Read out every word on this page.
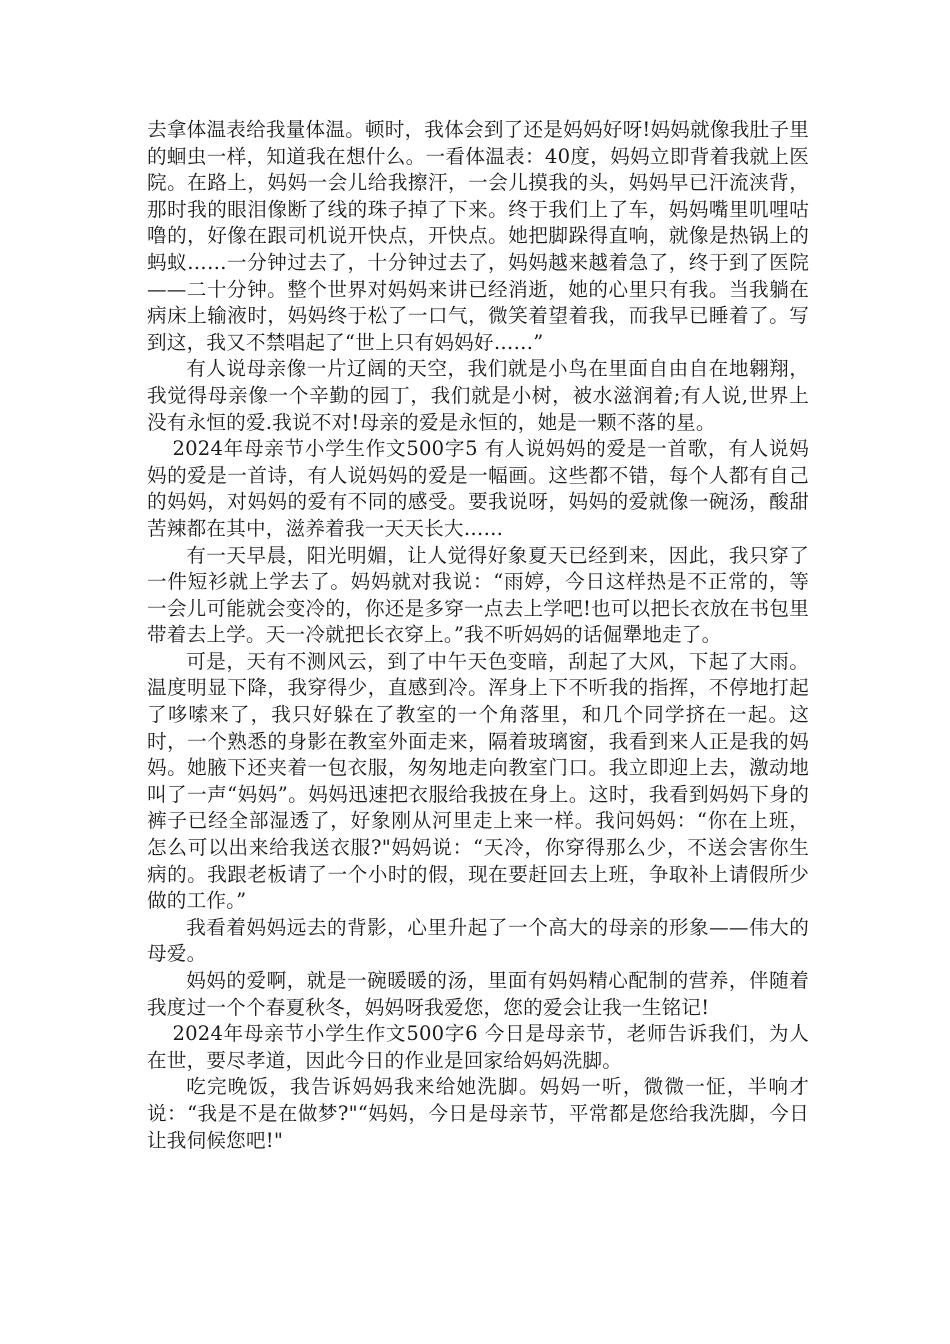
去拿体温表给我量体温。顿时，我体会到了还是妈妈好呀!妈妈就像我肚子里的蛔虫一样，知道我在想什么。一看体温表：40度，妈妈立即背着我就上医院。在路上，妈妈一会儿给我擦汗，一会儿摸我的头，妈妈早已汗流浃背，那时我的眼泪像断了线的珠子掉了下来。终于我们上了车，妈妈嘴里叽哩咕噜的，好像在跟司机说开快点，开快点。她把脚跺得直响，就像是热锅上的蚂蚁……一分钟过去了，十分钟过去了，妈妈越来越着急了，终于到了医院——二十分钟。整个世界对妈妈来讲已经消逝，她的心里只有我。当我躺在病床上输液时，妈妈终于松了一口气，微笑着望着我，而我早已睡着了。写到这，我又不禁唱起了“世上只有妈妈好……”

有人说母亲像一片辽阔的天空，我们就是小鸟在里面自由自在地翱翔，我觉得母亲像一个辛勤的园丁，我们就是小树，被水滋润着;有人说,世界上没有永恒的爱.我说不对!母亲的爱是永恒的，她是一颗不落的星。

2024年母亲节小学生作文500字5 有人说妈妈的爱是一首歌，有人说妈妈的爱是一首诗，有人说妈妈的爱是一幅画。这些都不错，每个人都有自己的妈妈，对妈妈的爱有不同的感受。要我说呀，妈妈的爱就像一碗汤，酸甜苦辣都在其中，滋养着我一天天长大……

有一天早晨，阳光明媚，让人觉得好象夏天已经到来，因此，我只穿了一件短衫就上学去了。妈妈就对我说：“雨婷，今日这样热是不正常的，等一会儿可能就会变冷的，你还是多穿一点去上学吧!也可以把长衣放在书包里带着去上学。天一冷就把长衣穿上。”我不听妈妈的话倔犟地走了。

可是，天有不测风云，到了中午天色变暗，刮起了大风，下起了大雨。温度明显下降，我穿得少，直感到冷。浑身上下不听我的指挥，不停地打起了哆嗦来了，我只好躲在了教室的一个角落里，和几个同学挤在一起。这时，一个熟悉的身影在教室外面走来，隔着玻璃窗，我看到来人正是我的妈妈。她腋下还夹着一包衣服，匆匆地走向教室门口。我立即迎上去，激动地叫了一声“妈妈”。妈妈迅速把衣服给我披在身上。这时，我看到妈妈下身的裤子已经全部湿透了，好象刚从河里走上来一样。我问妈妈：“你在上班，怎么可以出来给我送衣服?"妈妈说：“天冷，你穿得那么少，不送会害你生病的。我跟老板请了一个小时的假，现在要赶回去上班，争取补上请假所少做的工作。”

我看着妈妈远去的背影，心里升起了一个高大的母亲的形象——伟大的母爱。

妈妈的爱啊，就是一碗暖暖的汤，里面有妈妈精心配制的营养，伴随着我度过一个个春夏秋冬，妈妈呀我爱您，您的爱会让我一生铭记!

2024年母亲节小学生作文500字6 今日是母亲节，老师告诉我们，为人在世，要尽孝道，因此今日的作业是回家给妈妈洗脚。

吃完晚饭，我告诉妈妈我来给她洗脚。妈妈一听，微微一怔，半响才说：“我是不是在做梦?"“妈妈，今日是母亲节，平常都是您给我洗脚，今日让我伺候您吧!"
